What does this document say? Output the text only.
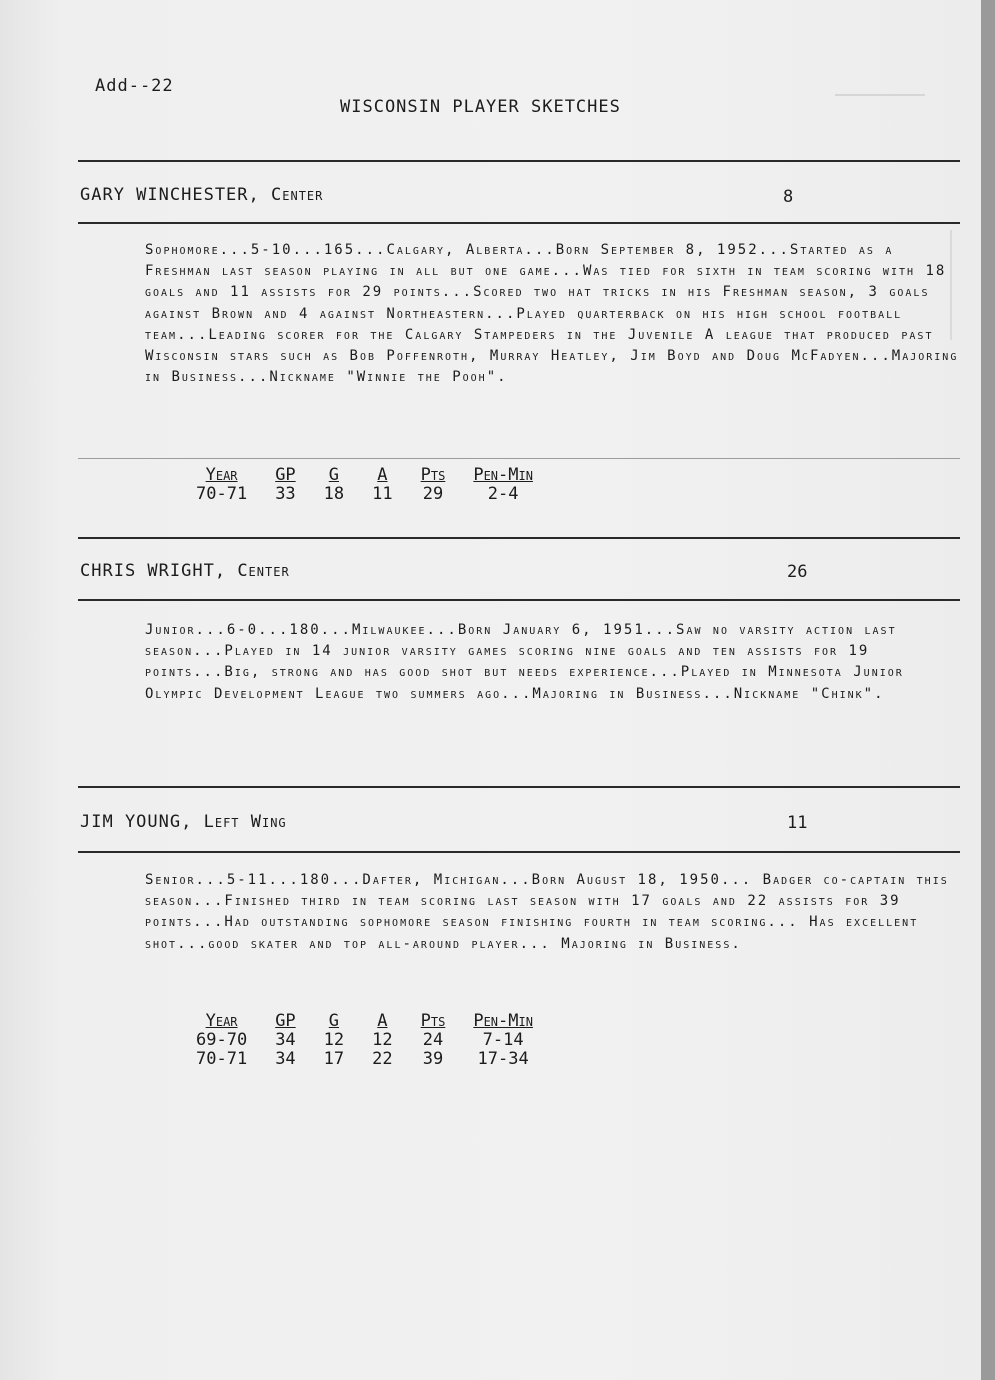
Add--22
WISCONSIN PLAYER SKETCHES
GARY WINCHESTER, Center	8

Sophomore...5-10...165...Calgary, Alberta...Born September 8, 1952...Started as a Freshman last season playing in all but one game...Was tied for sixth in team scoring with 18 goals and 11 assists for 29 points...Scored two hat tricks in his Freshman season, 3 goals against Brown and 4 against Northeastern...Played quarterback on his high school football team...Leading scorer for the Calgary Stampeders in the Juvenile A league that produced past Wisconsin stars such as Bob Poffenroth, Murray Heatley, Jim Boyd and Doug McFadyen...Majoring in Business...Nickname "Winnie the Pooh".

Year	GP	G	A	Pts	Pen-Min
70-71	33	18	11	29	2-4
CHRIS WRIGHT, Center	26

Junior...6-0...180...Milwaukee...Born January 6, 1951...Saw no varsity action last season...Played in 14 junior varsity games scoring nine goals and ten assists for 19 points...Big, strong and has good shot but needs experience...Played in Minnesota Junior Olympic Development League two summers ago...Majoring in Business...Nickname "Chink".

JIM YOUNG, Left Wing	11

Senior...5-11...180...Dafter, Michigan...Born August 18, 1950... Badger co-captain this season...Finished third in team scoring last season with 17 goals and 22 assists for 39 points...Had outstanding sophomore season finishing fourth in team scoring... Has excellent shot...good skater and top all-around player... Majoring in Business.

Year	GP	G	A	Pts	Pen-Min
69-70	34	12	12	24	7-14
70-71	34	17	22	39	17-34
